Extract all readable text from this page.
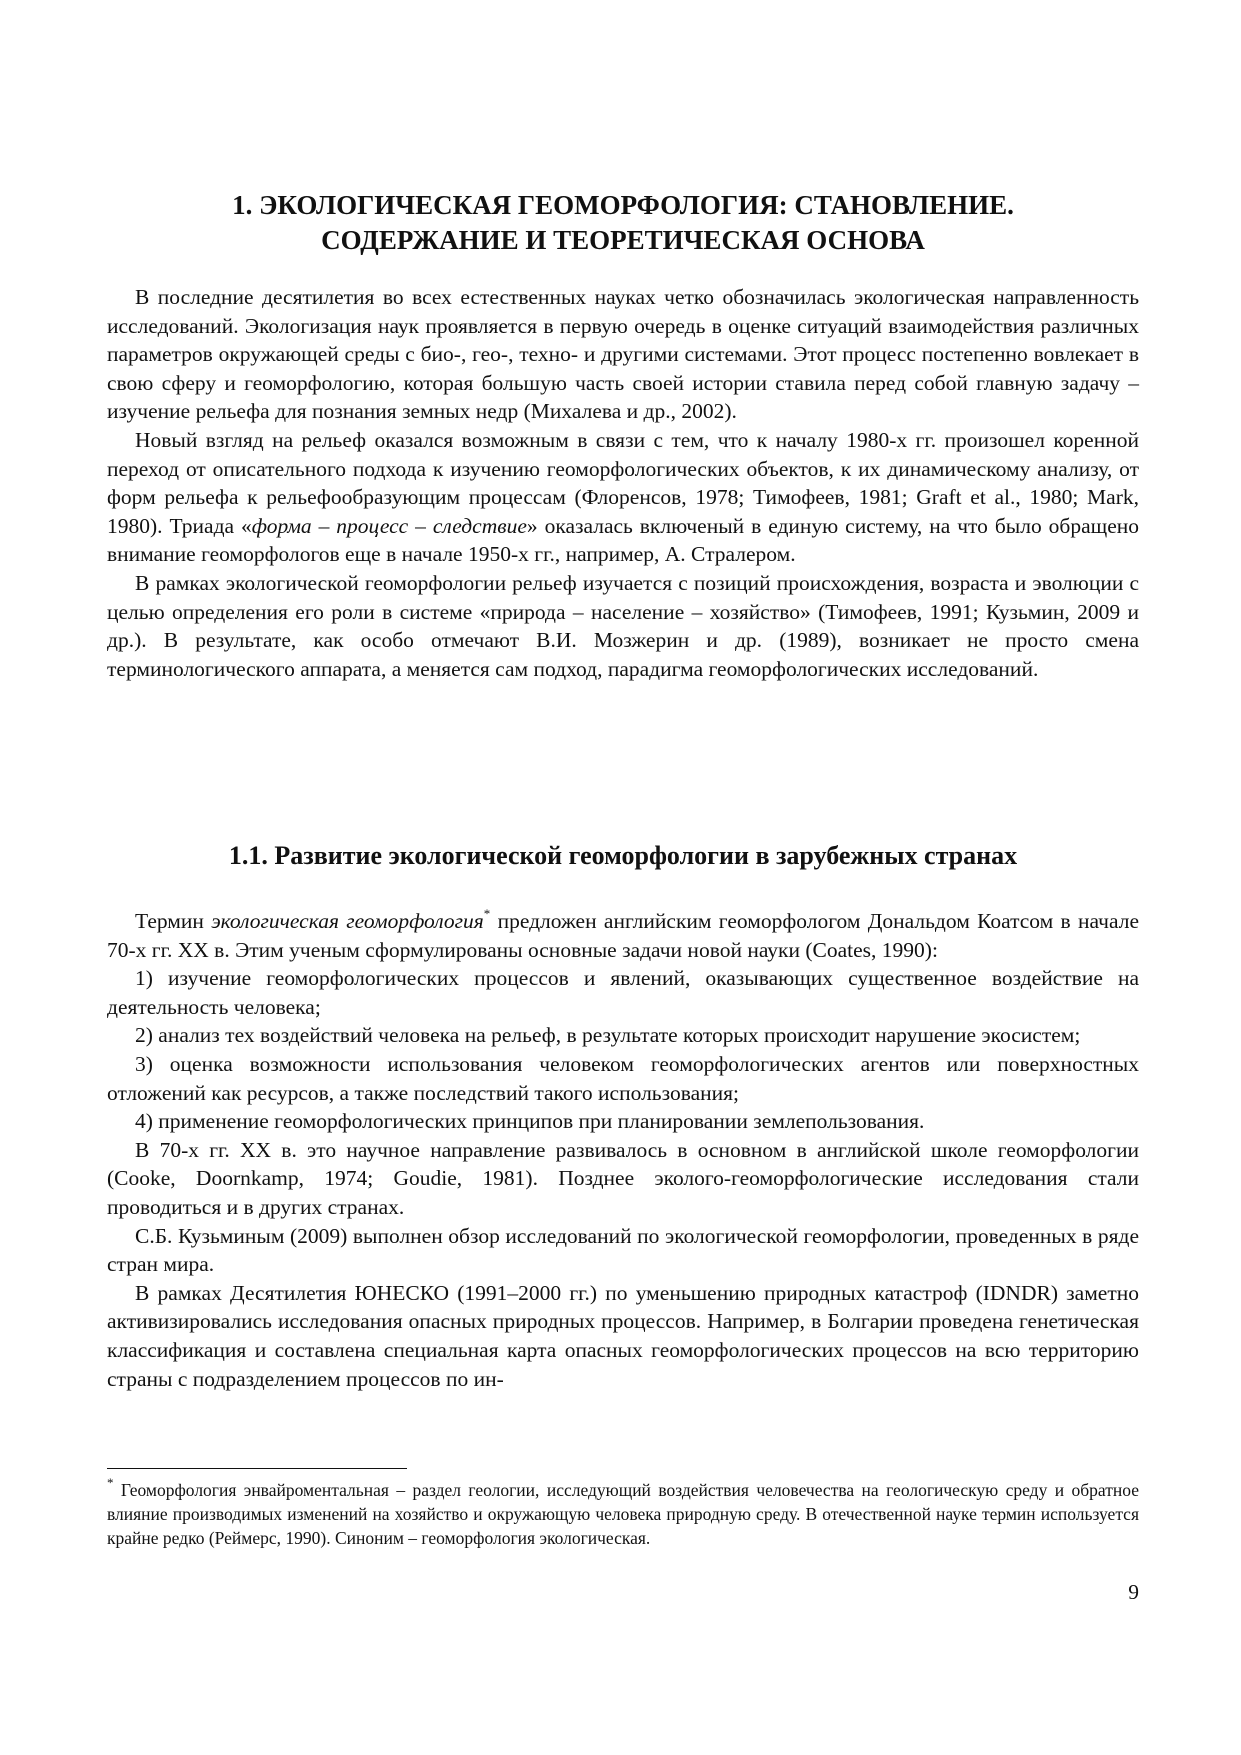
1. ЭКОЛОГИЧЕСКАЯ ГЕОМОРФОЛОГИЯ: СТАНОВЛЕНИЕ.
СОДЕРЖАНИЕ И ТЕОРЕТИЧЕСКАЯ ОСНОВА

В последние десятилетия во всех естественных науках четко обозначилась экологическая направленность исследований. Экологизация наук проявляется в первую очередь в оценке ситуаций взаимодействия различных параметров окружающей среды с био-, гео-, техно- и другими системами. Этот процесс постепенно вовлекает в свою сферу и геоморфологию, которая большую часть своей истории ставила перед собой главную задачу – изучение рельефа для познания земных недр (Михалева и др., 2002).

Новый взгляд на рельеф оказался возможным в связи с тем, что к началу 1980-х гг. произошел коренной переход от описательного подхода к изучению геоморфологических объектов, к их динамическому анализу, от форм рельефа к рельефообразующим процессам (Флоренсов, 1978; Тимофеев, 1981; Graft et al., 1980; Mark, 1980). Триада «форма – процесс – следствие» оказалась включеный в единую систему, на что было обращено внимание геоморфологов еще в начале 1950-х гг., например, А. Стралером.

В рамках экологической геоморфологии рельеф изучается с позиций происхождения, возраста и эволюции с целью определения его роли в системе «природа – население – хозяйство» (Тимофеев, 1991; Кузьмин, 2009 и др.). В результате, как особо отмечают В.И. Мозжерин и др. (1989), возникает не просто смена терминологического аппарата, а меняется сам подход, парадигма геоморфологических исследований.

1.1. Развитие экологической геоморфологии в зарубежных странах

Термин экологическая геоморфология* предложен английским геоморфологом Дональдом Коатсом в начале 70-х гг. XX в. Этим ученым сформулированы основные задачи новой науки (Coates, 1990):

1) изучение геоморфологических процессов и явлений, оказывающих существенное воздействие на деятельность человека;

2) анализ тех воздействий человека на рельеф, в результате которых происходит нарушение экосистем;

3) оценка возможности использования человеком геоморфологических агентов или поверхностных отложений как ресурсов, а также последствий такого использования;

4) применение геоморфологических принципов при планировании землепользования.

В 70-х гг. XX в. это научное направление развивалось в основном в английской школе геоморфологии (Cooke, Doornkamp, 1974; Goudie, 1981). Позднее эколого-геоморфологические исследования стали проводиться и в других странах.

С.Б. Кузьминым (2009) выполнен обзор исследований по экологической геоморфологии, проведенных в ряде стран мира.

В рамках Десятилетия ЮНЕСКО (1991–2000 гг.) по уменьшению природных катастроф (IDNDR) заметно активизировались исследования опасных природных процессов. Например, в Болгарии проведена генетическая классификация и составлена специальная карта опасных геоморфологических процессов на всю территорию страны с подразделением процессов по ин-

* Геоморфология энвайроментальная – раздел геологии, исследующий воздействия человечества на геологическую среду и обратное влияние производимых изменений на хозяйство и окружающую человека природную среду. В отечественной науке термин используется крайне редко (Реймерс, 1990). Синоним – геоморфология экологическая.

9
